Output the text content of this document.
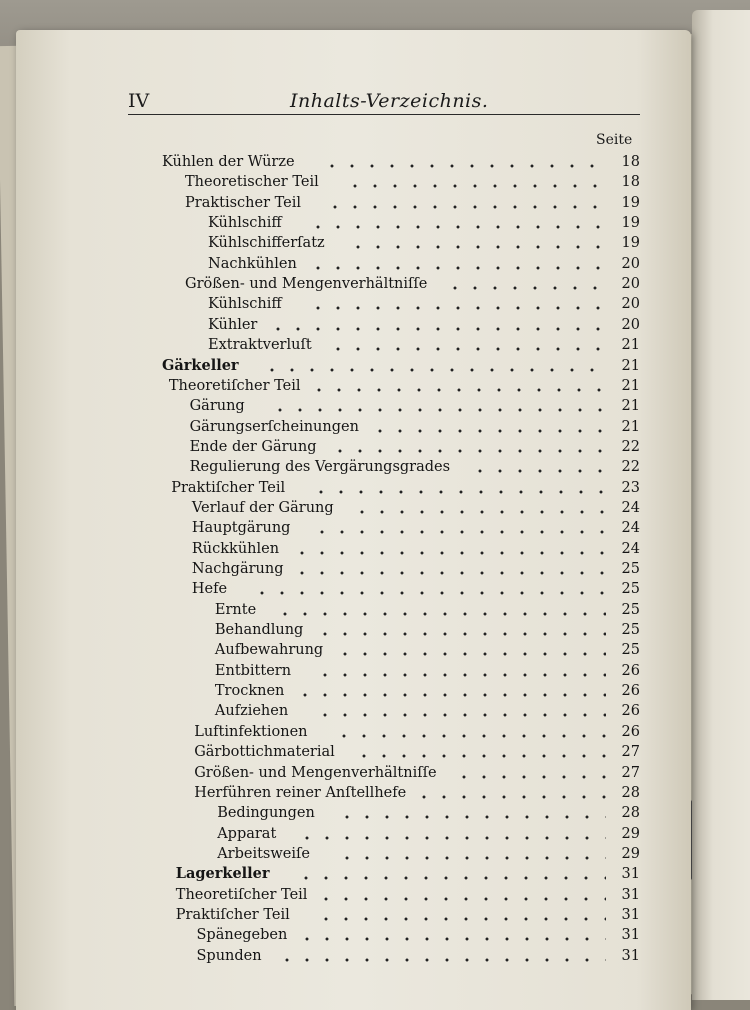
IV	Inhalts-Verzeichnis.
Seite
Kühlen der Würze	18
Theoretischer Teil	18
Praktischer Teil	19
Kühlschiff	19
Kühlschifferſatz	19
Nachkühlen	20
Größen- und Mengenverhältniſſe	20
Kühlschiff	20
Kühler	20
Extraktverluſt	21
Gärkeller	21
Theoretiſcher Teil	21
Gärung	21
Gärungserſcheinungen	21
Ende der Gärung	22
Regulierung des Vergärungsgrades	22
Praktiſcher Teil	23
Verlauf der Gärung	24
Hauptgärung	24
Rückkühlen	24
Nachgärung	25
Hefe	25
Ernte	25
Behandlung	25
Aufbewahrung	25
Entbittern	26
Trocknen	26
Aufziehen	26
Luftinfektionen	26
Gärbottichmaterial	27
Größen- und Mengenverhältniſſe	27
Herführen reiner Anſtellhefe	28
Bedingungen	28
Apparat	29
Arbeitsweiſe	29
Lagerkeller	31
Theoretiſcher Teil	31
Praktiſcher Teil	31
Spänegeben	31
Spunden	31
